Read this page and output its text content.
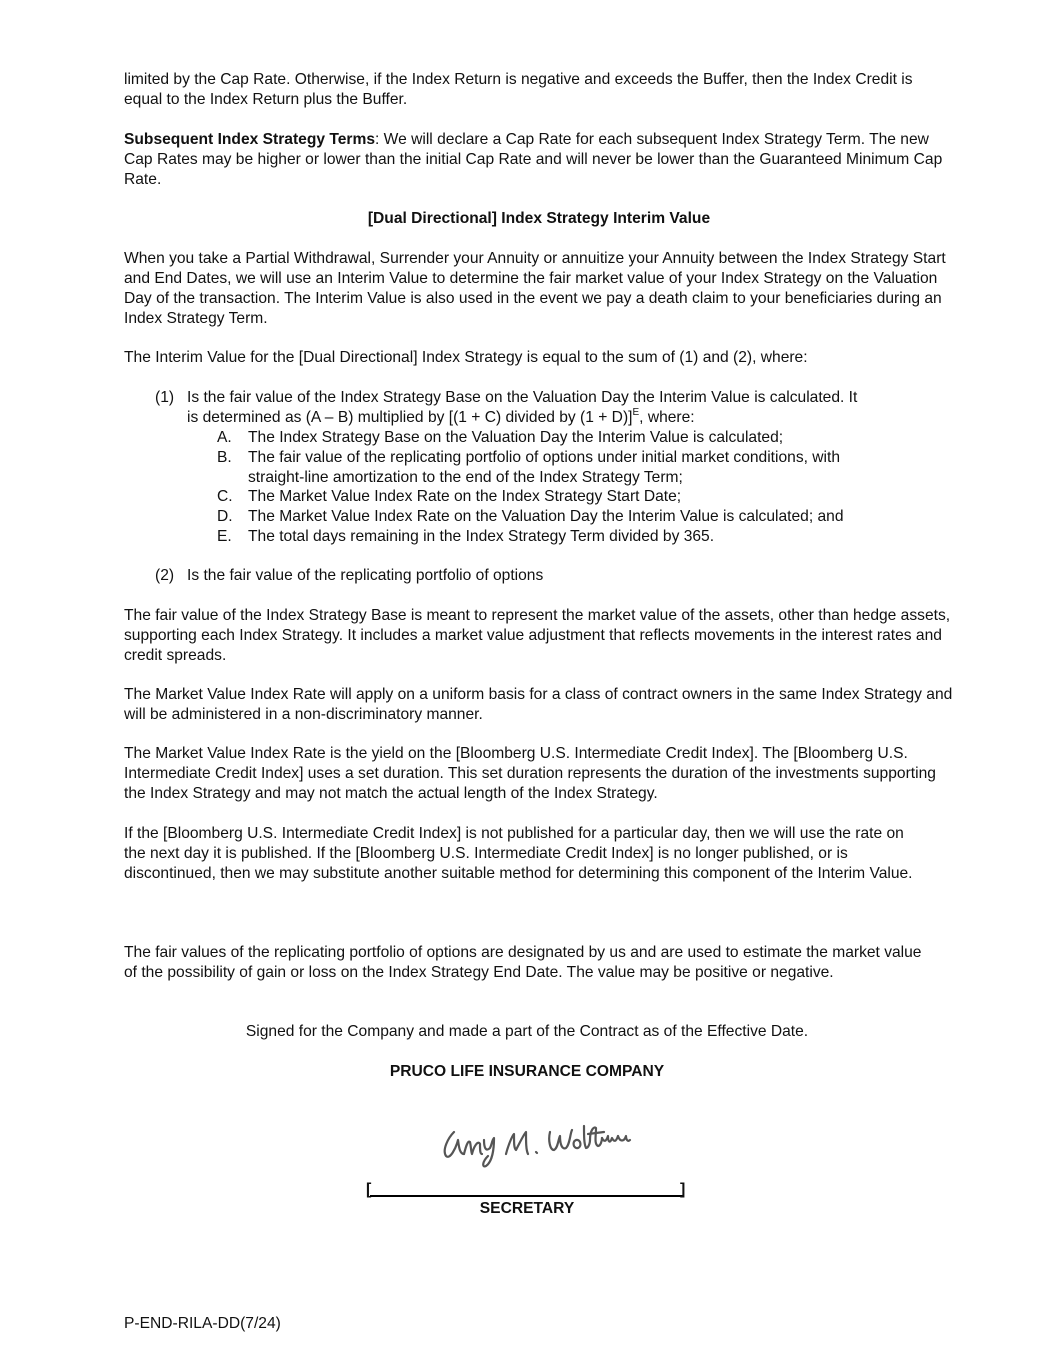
limited by the Cap Rate. Otherwise, if the Index Return is negative and exceeds the Buffer, then the Index Credit is equal to the Index Return plus the Buffer.

Subsequent Index Strategy Terms: We will declare a Cap Rate for each subsequent Index Strategy Term. The new Cap Rates may be higher or lower than the initial Cap Rate and will never be lower than the Guaranteed Minimum Cap Rate.

[Dual Directional] Index Strategy Interim Value

When you take a Partial Withdrawal, Surrender your Annuity or annuitize your Annuity between the Index Strategy Start and End Dates, we will use an Interim Value to determine the fair market value of your Index Strategy on the Valuation Day of the transaction. The Interim Value is also used in the event we pay a death claim to your beneficiaries during an Index Strategy Term.

The Interim Value for the [Dual Directional] Index Strategy is equal to the sum of (1) and (2), where:

(1) Is the fair value of the Index Strategy Base on the Valuation Day the Interim Value is calculated. It
is determined as (A – B) multiplied by [(1 + C) divided by (1 + D)]$^E$, where:
A. The Index Strategy Base on the Valuation Day the Interim Value is calculated;
B. The fair value of the replicating portfolio of options under initial market conditions, with
straight-line amortization to the end of the Index Strategy Term;
C. The Market Value Index Rate on the Index Strategy Start Date;
D. The Market Value Index Rate on the Valuation Day the Interim Value is calculated; and
E. The total days remaining in the Index Strategy Term divided by 365.
(2) Is the fair value of the replicating portfolio of options

The fair value of the Index Strategy Base is meant to represent the market value of the assets, other than hedge assets, supporting each Index Strategy. It includes a market value adjustment that reflects movements in the interest rates and credit spreads.

The Market Value Index Rate will apply on a uniform basis for a class of contract owners in the same Index Strategy and will be administered in a non-discriminatory manner.

The Market Value Index Rate is the yield on the [Bloomberg U.S. Intermediate Credit Index]. The [Bloomberg U.S. Intermediate Credit Index] uses a set duration. This set duration represents the duration of the investments supporting the Index Strategy and may not match the actual length of the Index Strategy.

If the [Bloomberg U.S. Intermediate Credit Index] is not published for a particular day, then we will use the rate on the next day it is published. If the [Bloomberg U.S. Intermediate Credit Index] is no longer published, or is discontinued, then we may substitute another suitable method for determining this component of the Interim Value.

The fair values of the replicating portfolio of options are designated by us and are used to estimate the market value of the possibility of gain or loss on the Index Strategy End Date. The value may be positive or negative.

Signed for the Company and made a part of the Contract as of the Effective Date.

PRUCO LIFE INSURANCE COMPANY

[	]

SECRETARY

P-END-RILA-DD(7/24)
